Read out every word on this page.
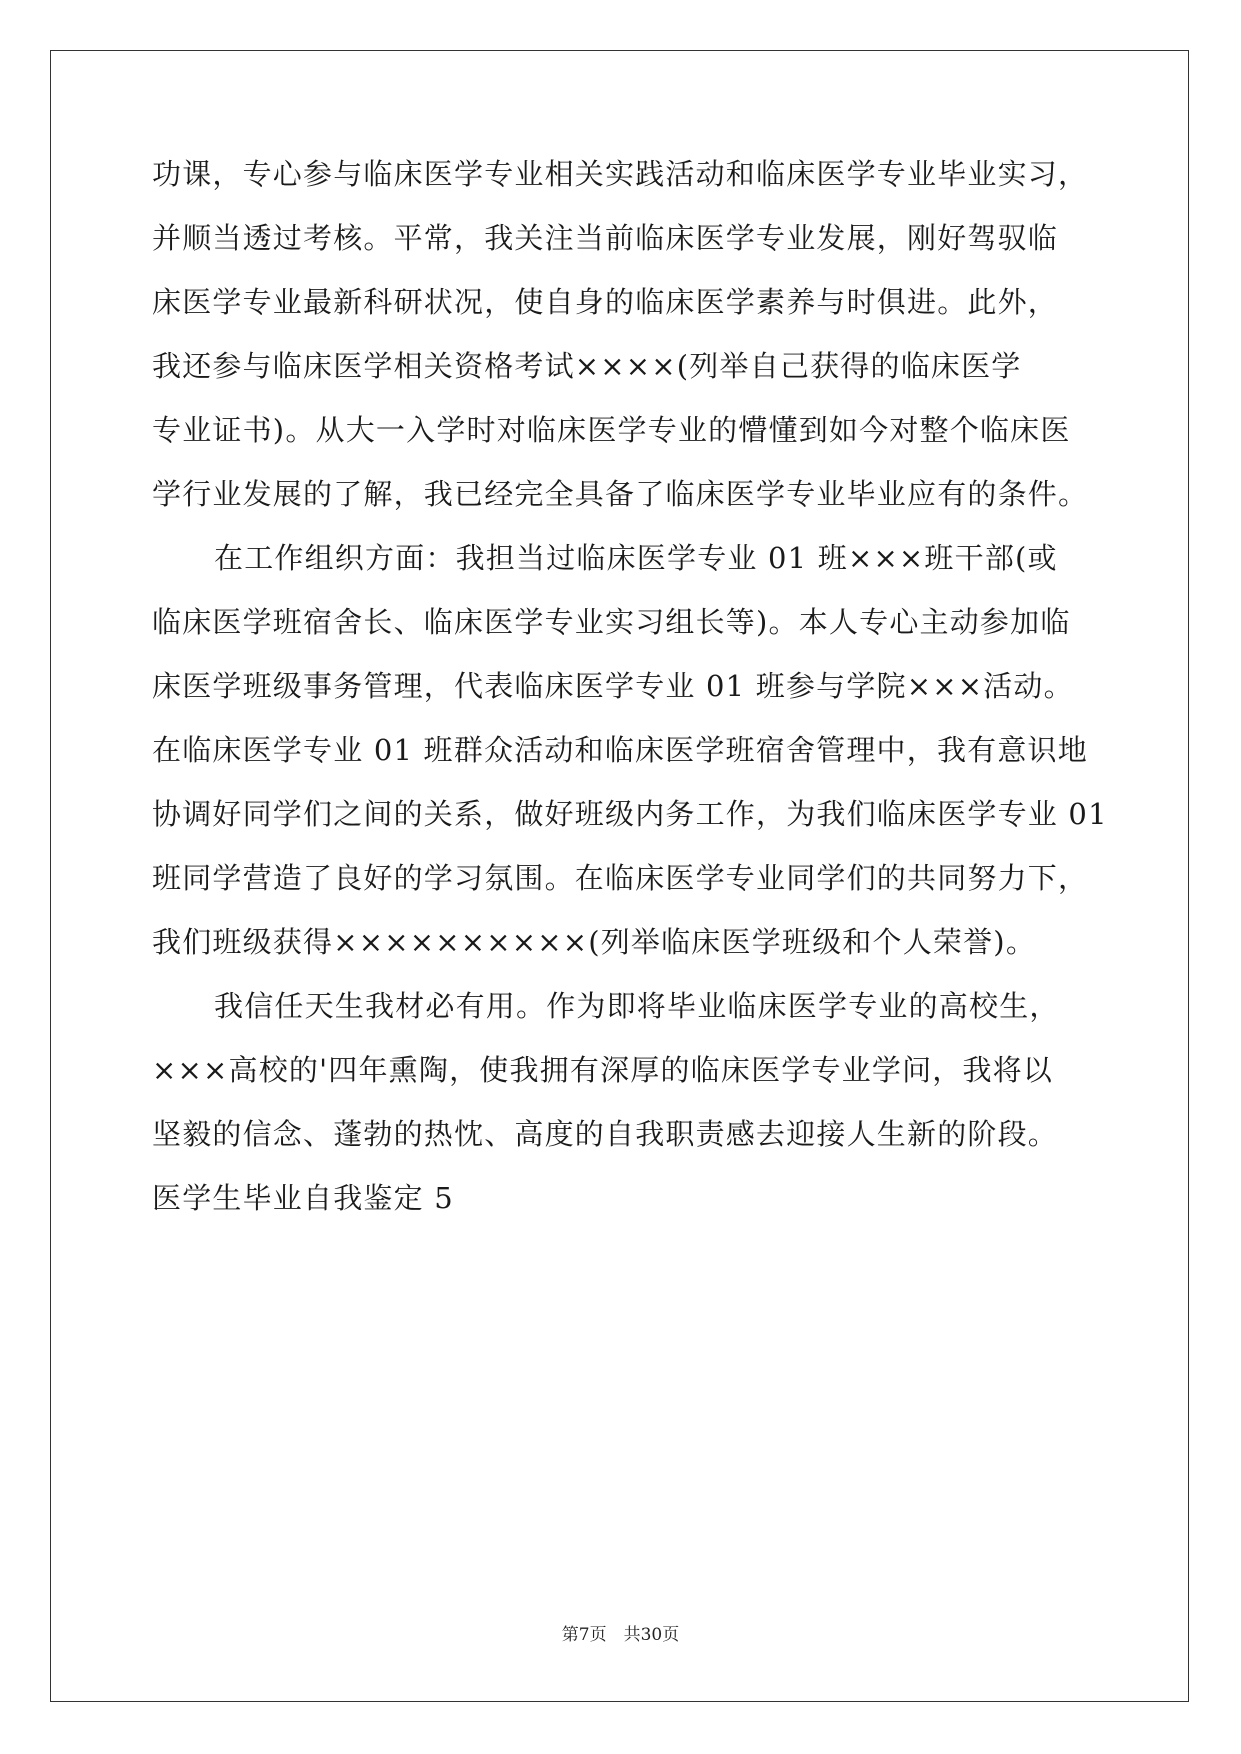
功课，专心参与临床医学专业相关实践活动和临床医学专业毕业实习，
并顺当透过考核。平常，我关注当前临床医学专业发展，刚好驾驭临
床医学专业最新科研状况，使自身的临床医学素养与时俱进。此外，
我还参与临床医学相关资格考试××××(列举自己获得的临床医学
专业证书)。从大一入学时对临床医学专业的懵懂到如今对整个临床医
学行业发展的了解，我已经完全具备了临床医学专业毕业应有的条件。
在工作组织方面：我担当过临床医学专业 01 班×××班干部(或
临床医学班宿舍长、临床医学专业实习组长等)。本人专心主动参加临
床医学班级事务管理，代表临床医学专业 01 班参与学院×××活动。
在临床医学专业 01 班群众活动和临床医学班宿舍管理中，我有意识地
协调好同学们之间的关系，做好班级内务工作，为我们临床医学专业 01
班同学营造了良好的学习氛围。在临床医学专业同学们的共同努力下，
我们班级获得××××××××××(列举临床医学班级和个人荣誉)。
我信任天生我材必有用。作为即将毕业临床医学专业的高校生，
×××高校的'四年熏陶，使我拥有深厚的临床医学专业学问，我将以
坚毅的信念、蓬勃的热忱、高度的自我职责感去迎接人生新的阶段。
医学生毕业自我鉴定 5
第7页　共30页
